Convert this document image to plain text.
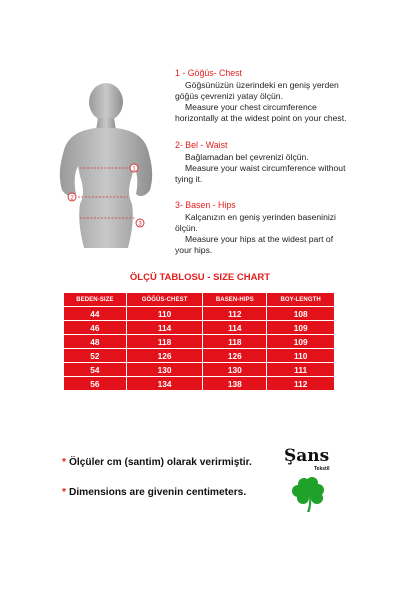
1
2
3
1 - Göğüs- Chest
Göğsünüzün üzerindeki en geniş yerden
göğüs çevrenizi yatay ölçün.
Measure your chest circumference
horizontally at the widest point on your chest.
2- Bel - Waist
Bağlamadan bel çevrenizi ölçün.
Measure your waist circumference without
tying it.
3- Basen - Hips
Kalçanızın en geniş yerinden baseninizi
ölçün.
Measure your hips at the widest part of
your hips.
ÖLÇÜ TABLOSU - SIZE CHART
BEDEN-SIZE	GÖĞÜS-CHEST	BASEN-HIPS	BOY-LENGTH
44	110	112	108
46	114	114	109
48	118	118	109
52	126	126	110
54	130	130	111
56	134	138	112
* Ölçüler cm (santim) olarak verirmiştir.
* Dimensions are givenin centimeters.
Şans
Tekstil
